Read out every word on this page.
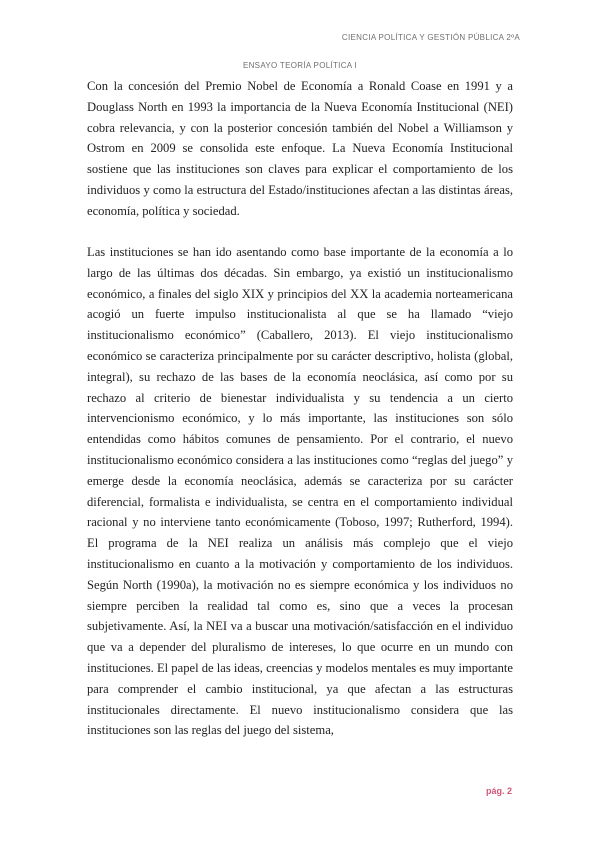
CIENCIA POLÍTICA Y GESTIÓN PÚBLICA 2ºA
ENSAYO TEORÍA POLÍTICA I

Con la concesión del Premio Nobel de Economía a Ronald Coase en 1991 y a Douglass North en 1993 la importancia de la Nueva Economía Institucional (NEI) cobra relevancia, y con la posterior concesión también del Nobel a Williamson y Ostrom en 2009 se consolida este enfoque. La Nueva Economía Institucional sostiene que las instituciones son claves para explicar el comportamiento de los individuos y como la estructura del Estado/instituciones afectan a las distintas áreas, economía, política y sociedad.

Las instituciones se han ido asentando como base importante de la economía a lo largo de las últimas dos décadas. Sin embargo, ya existió un institucionalismo económico, a finales del siglo XIX y principios del XX la academia norteamericana acogió un fuerte impulso institucionalista al que se ha llamado “viejo institucionalismo económico” (Caballero, 2013). El viejo institucionalismo económico se caracteriza principalmente por su carácter descriptivo, holista (global, integral), su rechazo de las bases de la economía neoclásica, así como por su rechazo al criterio de bienestar individualista y su tendencia a un cierto intervencionismo económico, y lo más importante, las instituciones son sólo entendidas como hábitos comunes de pensamiento. Por el contrario, el nuevo institucionalismo económico considera a las instituciones como “reglas del juego” y emerge desde la economía neoclásica, además se caracteriza por su carácter diferencial, formalista e individualista, se centra en el comportamiento individual racional y no interviene tanto económicamente (Toboso, 1997; Rutherford, 1994). El programa de la NEI realiza un análisis más complejo que el viejo institucionalismo en cuanto a la motivación y comportamiento de los individuos. Según North (1990a), la motivación no es siempre económica y los individuos no siempre perciben la realidad tal como es, sino que a veces la procesan subjetivamente. Así, la NEI va a buscar una motivación/satisfacción en el individuo que va a depender del pluralismo de intereses, lo que ocurre en un mundo con instituciones. El papel de las ideas, creencias y modelos mentales es muy importante para comprender el cambio institucional, ya que afectan a las estructuras institucionales directamente. El nuevo institucionalismo considera que las instituciones son las reglas del juego del sistema,

pág. 2
